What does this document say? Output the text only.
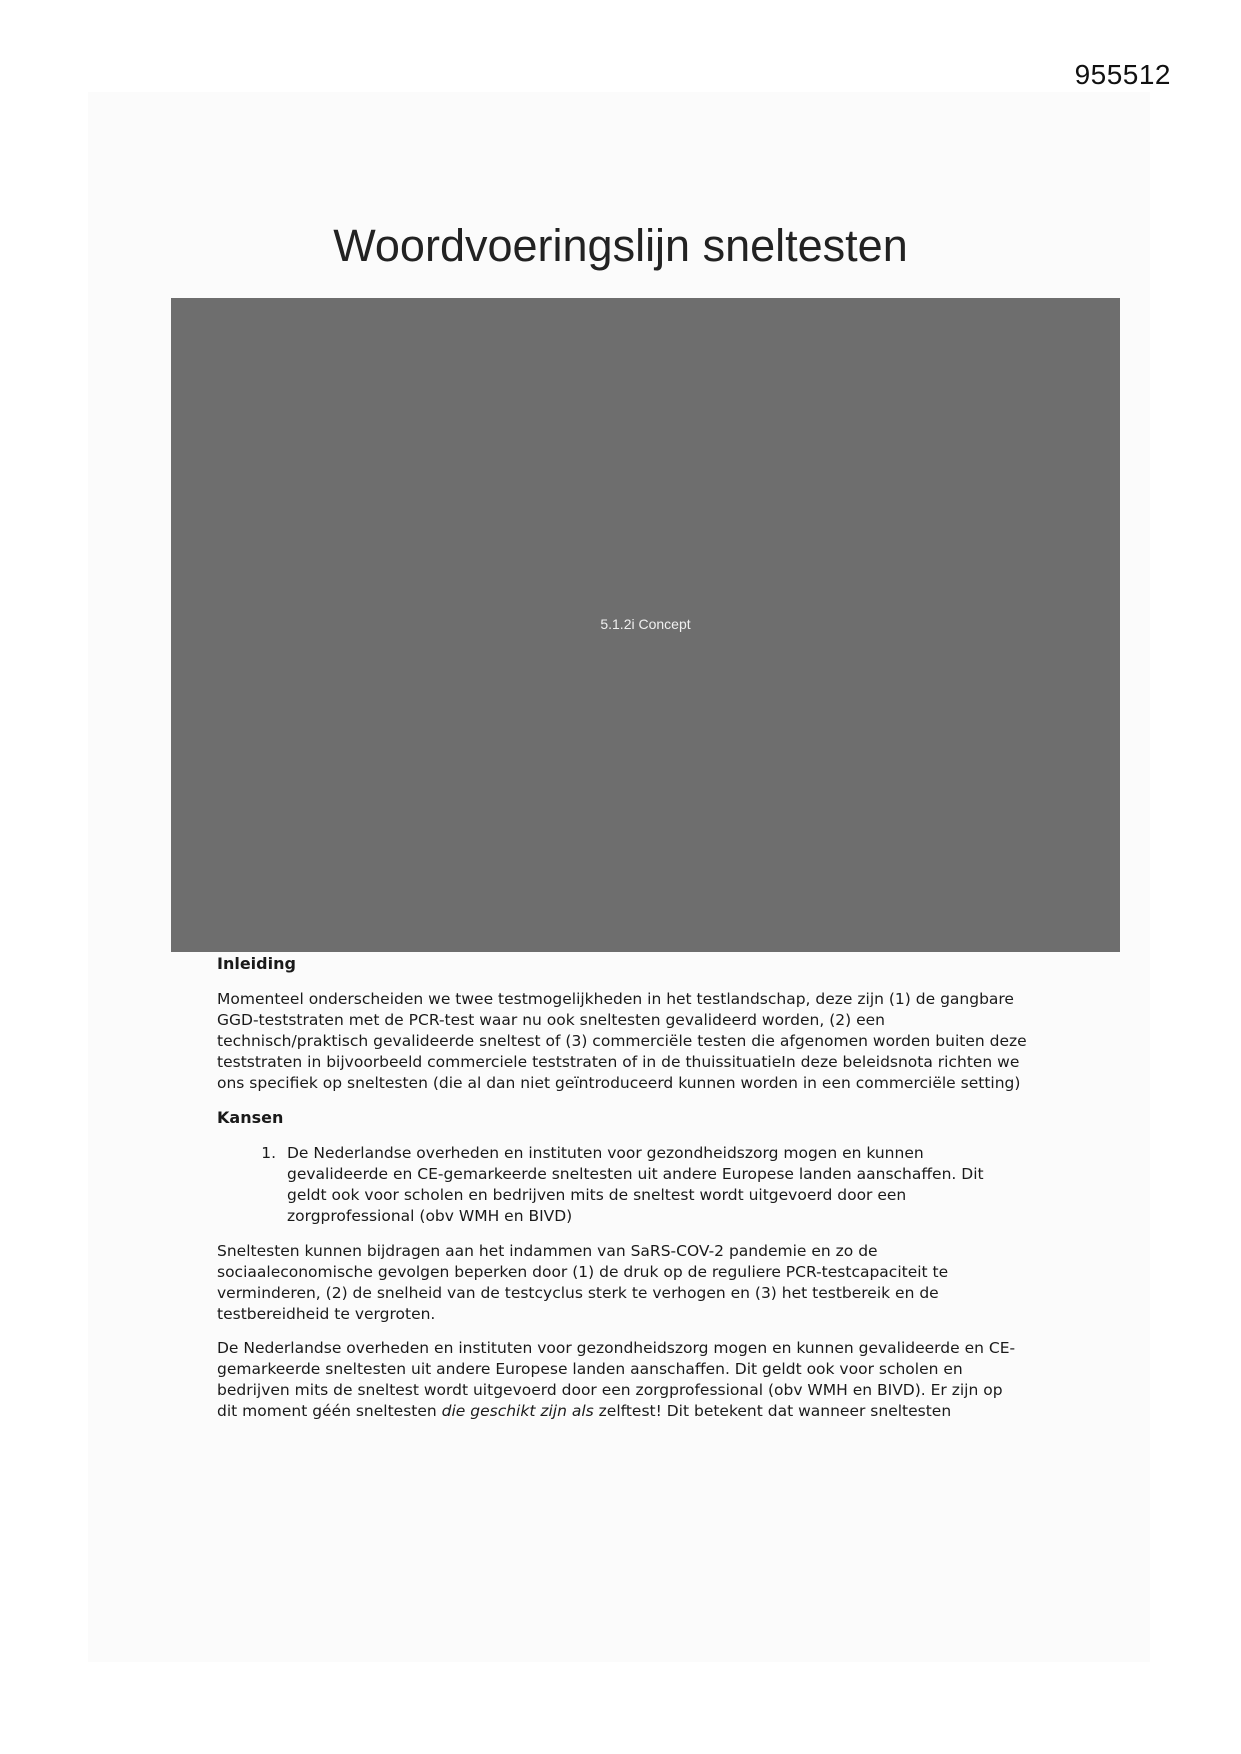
955512
Woordvoeringslijn sneltesten
5.1.2i Concept
Inleiding

Momenteel onderscheiden we twee testmogelijkheden in het testlandschap, deze zijn (1) de gangbare GGD-teststraten met de PCR-test waar nu ook sneltesten gevalideerd worden, (2) een technisch/praktisch gevalideerde sneltest of (3) commerciële testen die afgenomen worden buiten deze teststraten in bijvoorbeeld commerciele teststraten of in de thuissituatieIn deze beleidsnota richten we ons specifiek op sneltesten (die al dan niet geïntroduceerd kunnen worden in een commerciële setting)

Kansen
1. De Nederlandse overheden en instituten voor gezondheidszorg mogen en kunnen gevalideerde en CE-gemarkeerde sneltesten uit andere Europese landen aanschaffen. Dit geldt ook voor scholen en bedrijven mits de sneltest wordt uitgevoerd door een zorgprofessional (obv WMH en BIVD)

Sneltesten kunnen bijdragen aan het indammen van SaRS-COV-2 pandemie en zo de sociaaleconomische gevolgen beperken door (1) de druk op de reguliere PCR-testcapaciteit te verminderen, (2) de snelheid van de testcyclus sterk te verhogen en (3) het testbereik en de testbereidheid te vergroten.

De Nederlandse overheden en instituten voor gezondheidszorg mogen en kunnen gevalideerde en CE-gemarkeerde sneltesten uit andere Europese landen aanschaffen. Dit geldt ook voor scholen en bedrijven mits de sneltest wordt uitgevoerd door een zorgprofessional (obv WMH en BIVD). Er zijn op dit moment géén sneltesten die geschikt zijn als zelftest! Dit betekent dat wanneer sneltesten
